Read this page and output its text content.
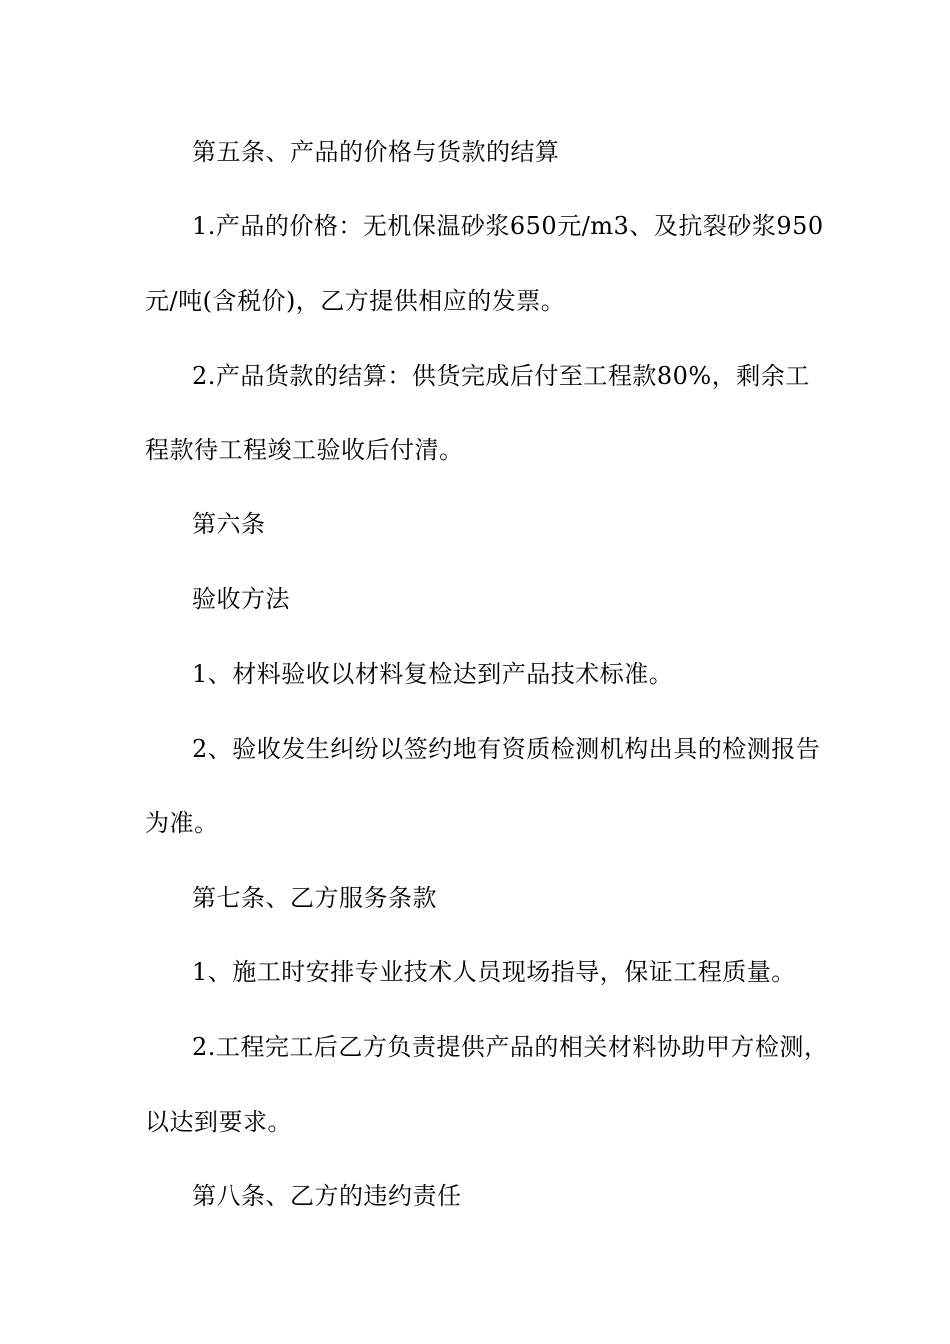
第五条、产品的价格与货款的结算
1.产品的价格：无机保温砂浆650元/m3、及抗裂砂浆950
元/吨(含税价)，乙方提供相应的发票。
2.产品货款的结算：供货完成后付至工程款80%，剩余工
程款待工程竣工验收后付清。
第六条
验收方法
1、材料验收以材料复检达到产品技术标准。
2、验收发生纠纷以签约地有资质检测机构出具的检测报告
为准。
第七条、乙方服务条款
1、施工时安排专业技术人员现场指导，保证工程质量。
2.工程完工后乙方负责提供产品的相关材料协助甲方检测，
以达到要求。
第八条、乙方的违约责任
